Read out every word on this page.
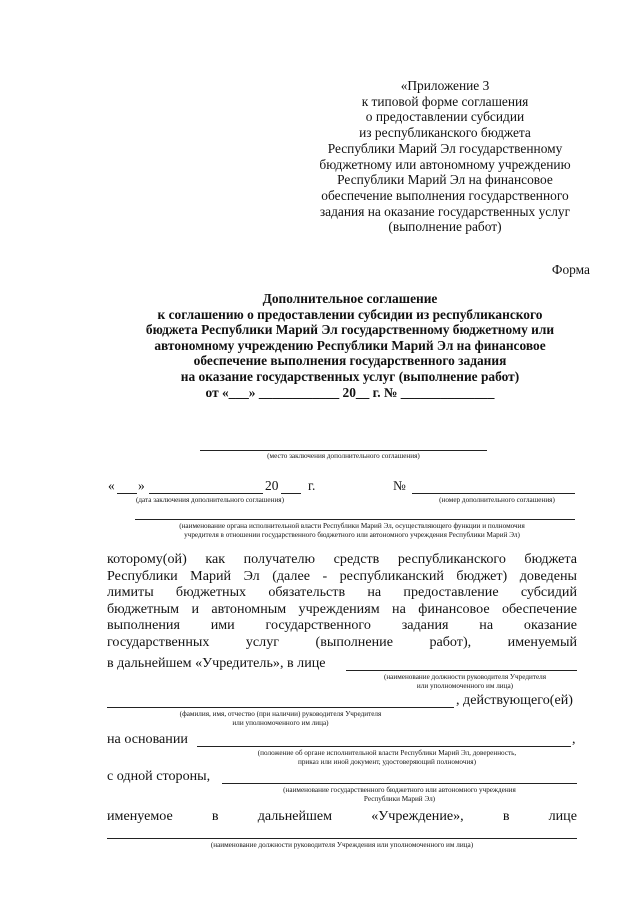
«Приложение 3
к типовой форме соглашения
о предоставлении субсидии
из республиканского бюджета
Республики Марий Эл государственному
бюджетному или автономному учреждению
Республики Марий Эл на финансовое
обеспечение выполнения государственного
задания на оказание государственных услуг
(выполнение работ)
Форма
Дополнительное соглашение
к соглашению о предоставлении субсидии из республиканского
бюджета Республики Марий Эл государственному бюджетному или
автономному учреждению Республики Марий Эл на финансовое
обеспечение выполнения государственного задания
на оказание государственных услуг (выполнение работ)
от «___» ____________ 20__ г. № ______________
(место заключения дополнительного соглашения)
« »	20 г.	№
(дата заключения дополнительного соглашения)	(номер дополнительного соглашения)
(наименование органа исполнительной власти Республики Марий Эл, осуществляющего функции и полномочия
учредителя в отношении государственного бюджетного или автономного учреждения Республики Марий Эл)
которому(ой) как получателю средств республиканского бюджета
Республики Марий Эл (далее - республиканский бюджет) доведены
лимиты бюджетных обязательств на предоставление субсидий
бюджетным и автономным учреждениям на финансовое обеспечение
выполнения ими государственного задания на оказание
государственных услуг (выполнение работ), именуемый
в дальнейшем «Учредитель», в лице
(наименование должности руководителя Учредителя
или уполномоченного им лица)
, действующего(ей)
(фамилия, имя, отчество (при наличии) руководителя Учредителя
или уполномоченного им лица)
на основании	,
(положение об органе исполнительной власти Республики Марий Эл, доверенность,
приказ или иной документ, удостоверяющий полномочия)
с одной стороны,
(наименование государственного бюджетного или автономного учреждения
Республики Марий Эл)
именуемое	в	дальнейшем	«Учреждение»,	в	лице
(наименование должности руководителя Учреждения или уполномоченного им лица)
